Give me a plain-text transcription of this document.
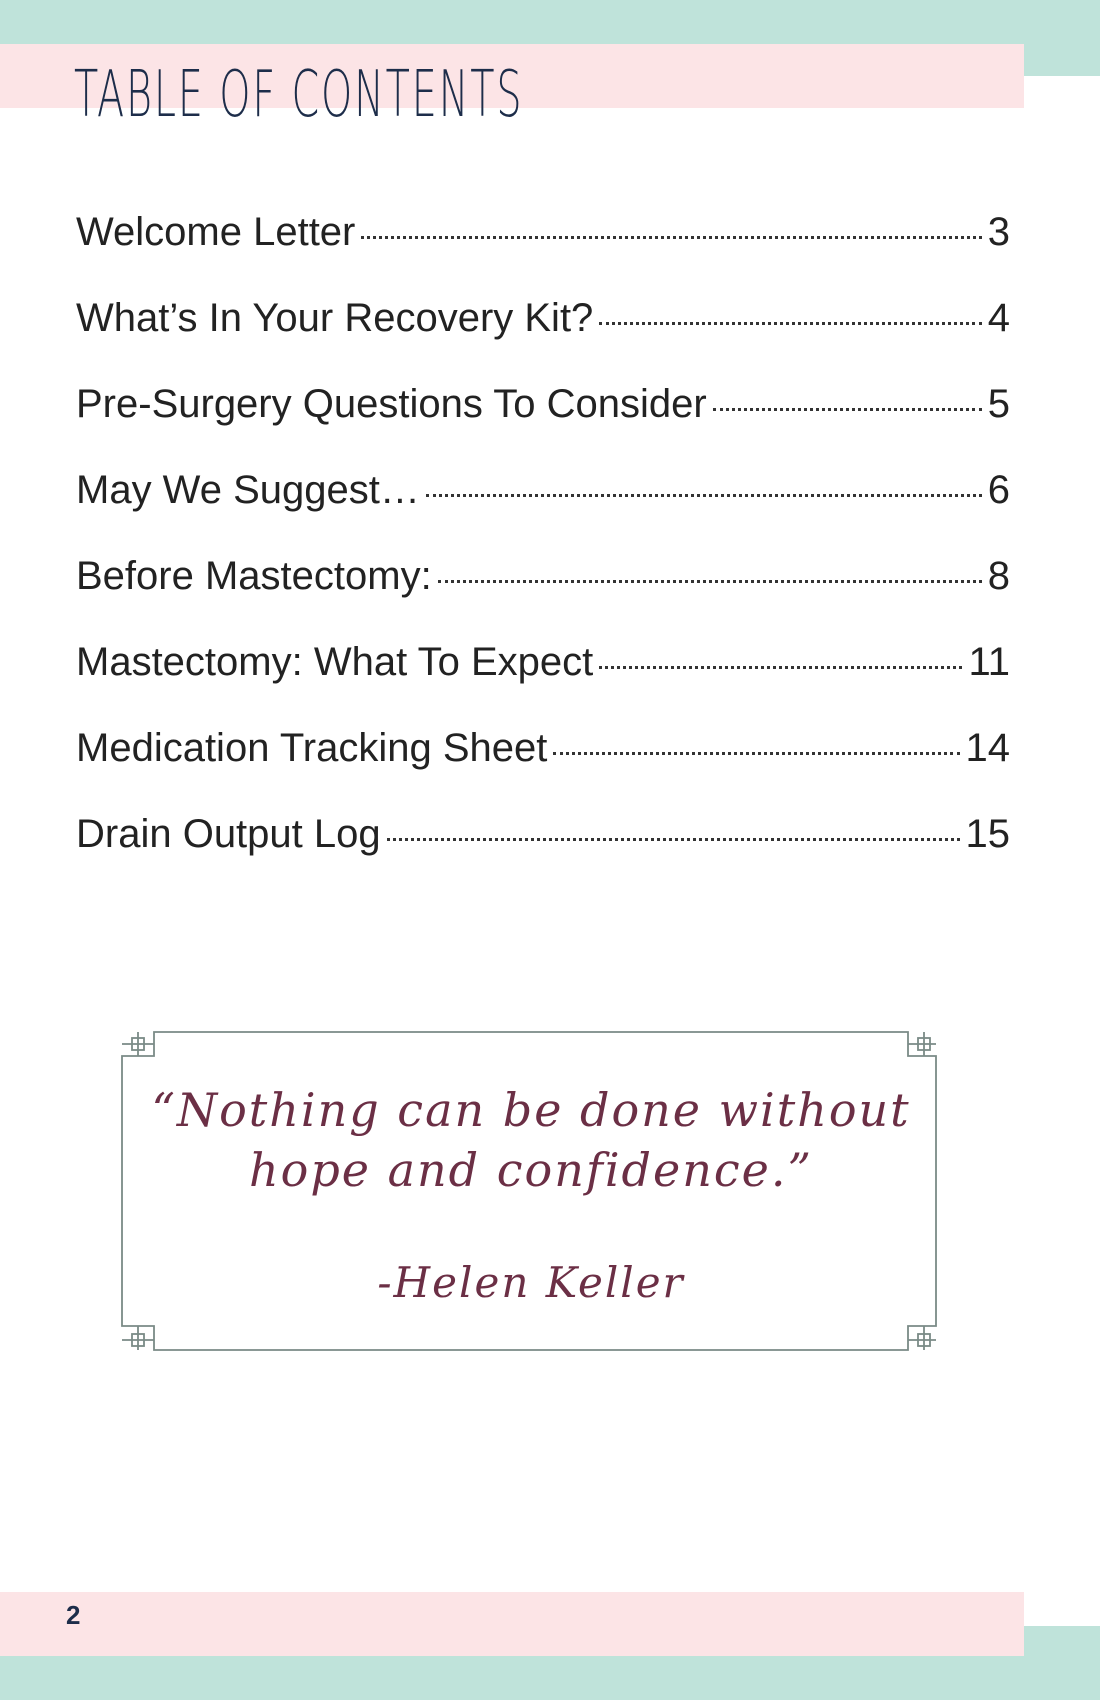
TABLE OF CONTENTS
Welcome Letter	3
What’s In Your Recovery Kit?	4
Pre-Surgery Questions To Consider	5
May We Suggest…	6
Before Mastectomy:	8
Mastectomy: What To Expect	11
Medication Tracking Sheet	14
Drain Output Log	15
“Nothing can be done without
hope and confidence.”
-Helen Keller
2
